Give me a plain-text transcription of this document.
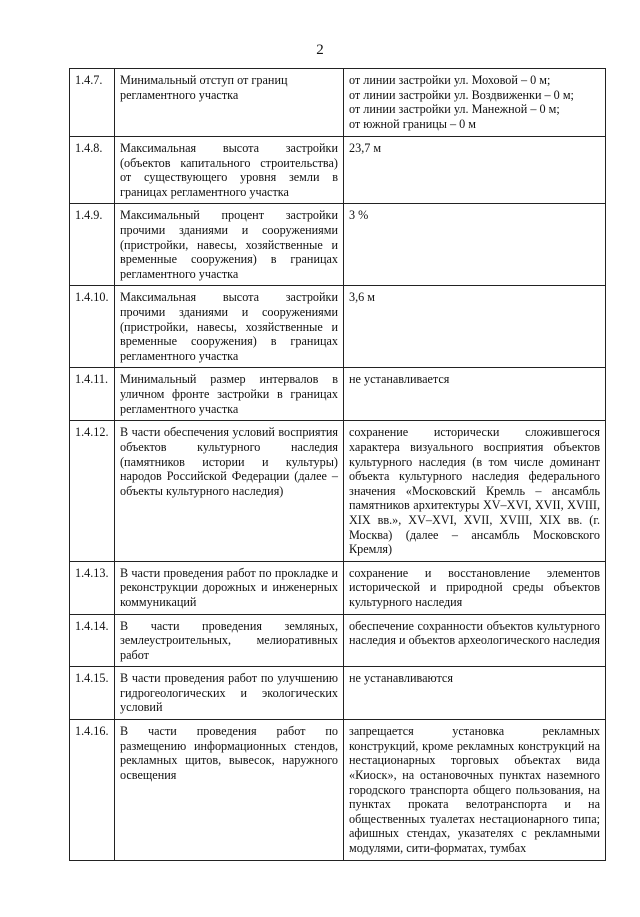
2
1.4.7.	Минимальный отступ от границ регламентного участка	от линии застройки ул. Моховой – 0 м;
от линии застройки ул. Воздвиженки – 0 м;
от линии застройки ул. Манежной – 0 м;
от южной границы – 0 м

1.4.8.	Максимальная высота застройки (объектов капитального строительства) от существующего уровня земли в границах регламентного участка	23,7 м
1.4.9.	Максимальный процент застройки прочими зданиями и сооружениями (пристройки, навесы, хозяйственные и временные сооружения) в границах регламентного участка	3 %
1.4.10.	Максимальная высота застройки прочими зданиями и сооружениями (пристройки, навесы, хозяйственные и временные сооружения) в границах регламентного участка	3,6 м
1.4.11.	Минимальный размер интервалов в уличном фронте застройки в границах регламентного участка	не устанавливается
1.4.12.	В части обеспечения условий восприятия объектов культурного наследия (памятников истории и культуры) народов Российской Федерации (далее – объекты культурного наследия)	сохранение исторически сложившегося характера визуального восприятия объектов культурного наследия (в том числе доминант объекта культурного наследия федерального значения «Московский Кремль – ансамбль памятников архитектуры XV–XVI, XVII, XVIII, XIX вв.», XV–XVI, XVII, XVIII, XIX вв. (г. Москва) (далее – ансамбль Московского Кремля)
1.4.13.	В части проведения работ по прокладке и реконструкции дорожных и инженерных коммуникаций	сохранение и восстановление элементов исторической и природной среды объектов культурного наследия
1.4.14.	В части проведения земляных, землеустроительных, мелиоративных работ	обеспечение сохранности объектов культурного наследия и объектов археологического наследия
1.4.15.	В части проведения работ по улучшению гидрогеологических и экологических условий	не устанавливаются
1.4.16.	В части проведения работ по размещению информационных стендов, рекламных щитов, вывесок, наружного освещения	запрещается установка рекламных конструкций, кроме рекламных конструкций на нестационарных торговых объектах вида «Киоск», на остановочных пунктах наземного городского транспорта общего пользования, на пунктах проката велотранспорта и на общественных туалетах нестационарного типа; афишных стендах, указателях с рекламными модулями, сити-форматах, тумбах
